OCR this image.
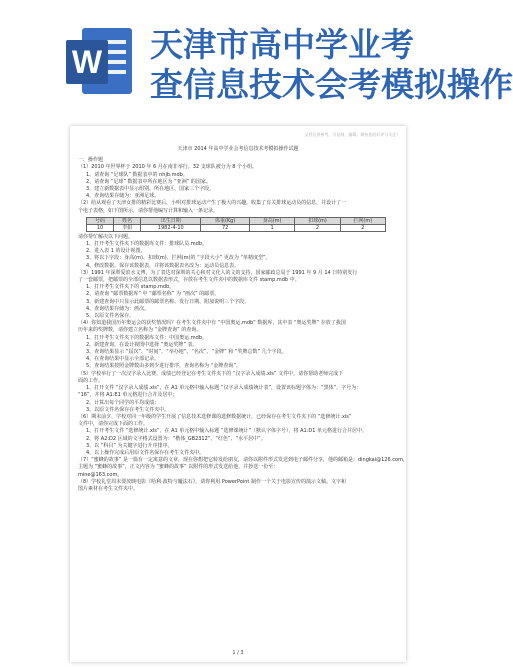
W 天津市高中学业考
查信息技术会考模拟操作
文档仅供参考，可复制、编辑，期待您的好评与关注!
天津市 2014 年高中学业会考信息技术考模拟操作试题

一、操作题

（1）2010 年世界杯于 2010 年 6 月在南非举行。32 支球队被分为 8 个小组。

1、请查询 “足球队” 数据表中的 nhjb.mdb。

2、请查询 “足球” 数据表中所在地区为 “亚洲” 的国家。

3、建立新数据表中显示组别、所在地区、国家三个字段。

4、查询结果存储为：亚洲足球。

（2）给从观看了天津女排的精彩比赛后，小明对排球运动产生了极大的兴趣，收集了有关排球运动员的信息，并设计了一

个电子表格，如下图所示，请你帮他编写计算和输入一条记录。

号码	姓名	出生日期	体重(Kg)	身高(m)	扣球(m)	拦网(m)
10	李娟	1982-4-10	72	1	2	2

请你帮忙解决以下问题。

1、打开考生文件夹下的数据库文件：排球队员.mdb。

2、进入表 1 的设计视图。

3、将以下字段：身高(m)、扣球(m)、拦网(m)的 “字段大小” 更改为 “单精度型”。

4、修改数据。保存该数据表，并将该数据表名改为：运动员信息表。

（3）1991 年深圳爱滨水文博，为了表达对深圳的关心和对文化人的文的支持，国家邮政总局于 1991 年 9 月 14 日特别发行

了一套邮票，把邮票的全部信息以数据表形式，存放在考生文件夹中的数据库文件 stamp.mdb 中。

1、打开考生文件夹下的 stamp.mdb。

2、请查询 “邮票数据库” 中 “邮票名称” 为 “画次” 的邮票。

3、新建查询中只显示此邮票的邮票名称、发行日期、附加说明三个字段。

4、查询结果存储为：画次。

5、以原文件名保存。

（4）你知道我国历年奥运会的获奖情况吗？在考生文件夹中有 “中国奥运.mdb” 数据库，其中表 “奥运奖牌” 存放了我国

历年来的奖牌数，请你建立名称为 “金牌查询” 的查询。

1、打开考生文件夹下的数据库文件：中国奥运.mdb。

2、新建查询，在设计视图中选择 “奥运奖牌” 表。

3、查询结果显示 “届次”、“时间”、“举办地”、“名次”、“金牌” 和 “奖牌总数” 几个字段。

4、在查询结果中显示全部记录。

5、查询结果按照金牌数由多到少进行排序，查询名称为 “金牌查询”。

（5）学校举行了一次汉字录入比赛，成绩已经登记在考生文件夹下的 “汉字录入成绩.xls” 文件中，请你帮助老师完成下

面的工作。

1、打开文件 “汉字录入成绩.xls”，在 A1 单元格中输入标题 “汉字录入成绩统计表”，设置该标题字体为：“黑体”，字号为：

“16”，并将 A1:E1 单元格进行合并及居中；

2、计算出每个同学的平均成绩；

3、以原文件名保存在考生文件夹中。

（6）期末前夕，学校对同一年级的学生开展了信息技术选修课的选修数据统计，已经保存在考生文件夹下的 “选修统计.xls”

文件中，请你完成下面的工作。

1、打开考生文件 “选修统计.xls”，在 A1 单元格中输入标题 “选修课统计”（默认字体字号），将 A1:D1 单元格进行合并居中。

2、将 A2:D2 区域的文字格式设置为：“楷体_GB2312”、“红色”、“水平居中”。

3、以 “科目” 为关键字进行升序排序。

4、以上操作完成后用原文件名保存在考生文件夹中。

（7）“蜜蜂的故事” 是一篇有一定寓意的文章，现在你想把它转发给朋友，请你以附件形式发送到电子邮件分享，他的邮箱是：dingkai@126.com，

主题为 “蜜蜂的故事”，正文内容为 “蜜蜂的故事” 以附件的形式发送给他，并抄送一份至：

mine@163.com。

（8）学校礼堂周末要放映电影《哈利·波特与魔法石》，请你利用 PowerPoint 制作一个关于电影宣传的演示文稿。文字和

图片素材在考生文件夹中。

1 / 3
